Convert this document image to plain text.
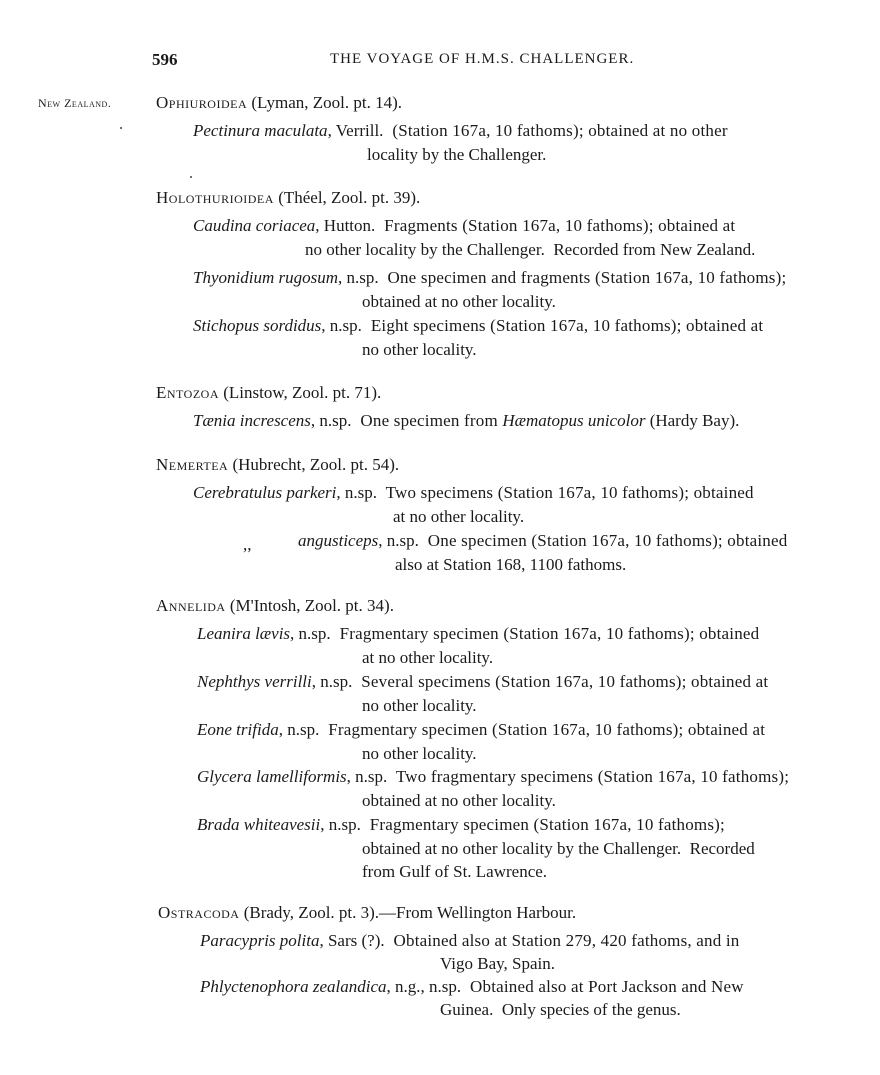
596	THE VOYAGE OF H.M.S. CHALLENGER.
New Zealand.	Ophiuroidea (Lyman, Zool. pt. 14).
Pectinura maculata, Verrill.  (Station 167a, 10 fathoms); obtained at no other
locality by the Challenger.
Holothurioidea (Théel, Zool. pt. 39).
Caudina coriacea, Hutton.  Fragments (Station 167a, 10 fathoms); obtained at
no other locality by the Challenger.  Recorded from New Zealand.
Thyonidium rugosum, n.sp.  One specimen and fragments (Station 167a, 10 fathoms);
obtained at no other locality.
Stichopus sordidus, n.sp.  Eight specimens (Station 167a, 10 fathoms); obtained at
no other locality.
Entozoa (Linstow, Zool. pt. 71).
Tænia increscens, n.sp.  One specimen from Hæmatopus unicolor (Hardy Bay).
Nemertea (Hubrecht, Zool. pt. 54).
Cerebratulus parkeri, n.sp.  Two specimens (Station 167a, 10 fathoms); obtained
at no other locality.
,,	angusticeps, n.sp.  One specimen (Station 167a, 10 fathoms); obtained
also at Station 168, 1100 fathoms.
Annelida (M'Intosh, Zool. pt. 34).
Leanira lævis, n.sp.  Fragmentary specimen (Station 167a, 10 fathoms); obtained
at no other locality.
Nephthys verrilli, n.sp.  Several specimens (Station 167a, 10 fathoms); obtained at
no other locality.
Eone trifida, n.sp.  Fragmentary specimen (Station 167a, 10 fathoms); obtained at
no other locality.
Glycera lamelliformis, n.sp.  Two fragmentary specimens (Station 167a, 10 fathoms);
obtained at no other locality.
Brada whiteavesii, n.sp.  Fragmentary specimen (Station 167a, 10 fathoms);
obtained at no other locality by the Challenger.  Recorded
from Gulf of St. Lawrence.
Ostracoda (Brady, Zool. pt. 3).—From Wellington Harbour.
Paracypris polita, Sars (?).  Obtained also at Station 279, 420 fathoms, and in
Vigo Bay, Spain.
Phlyctenophora zealandica, n.g., n.sp.  Obtained also at Port Jackson and New
Guinea.  Only species of the genus.
